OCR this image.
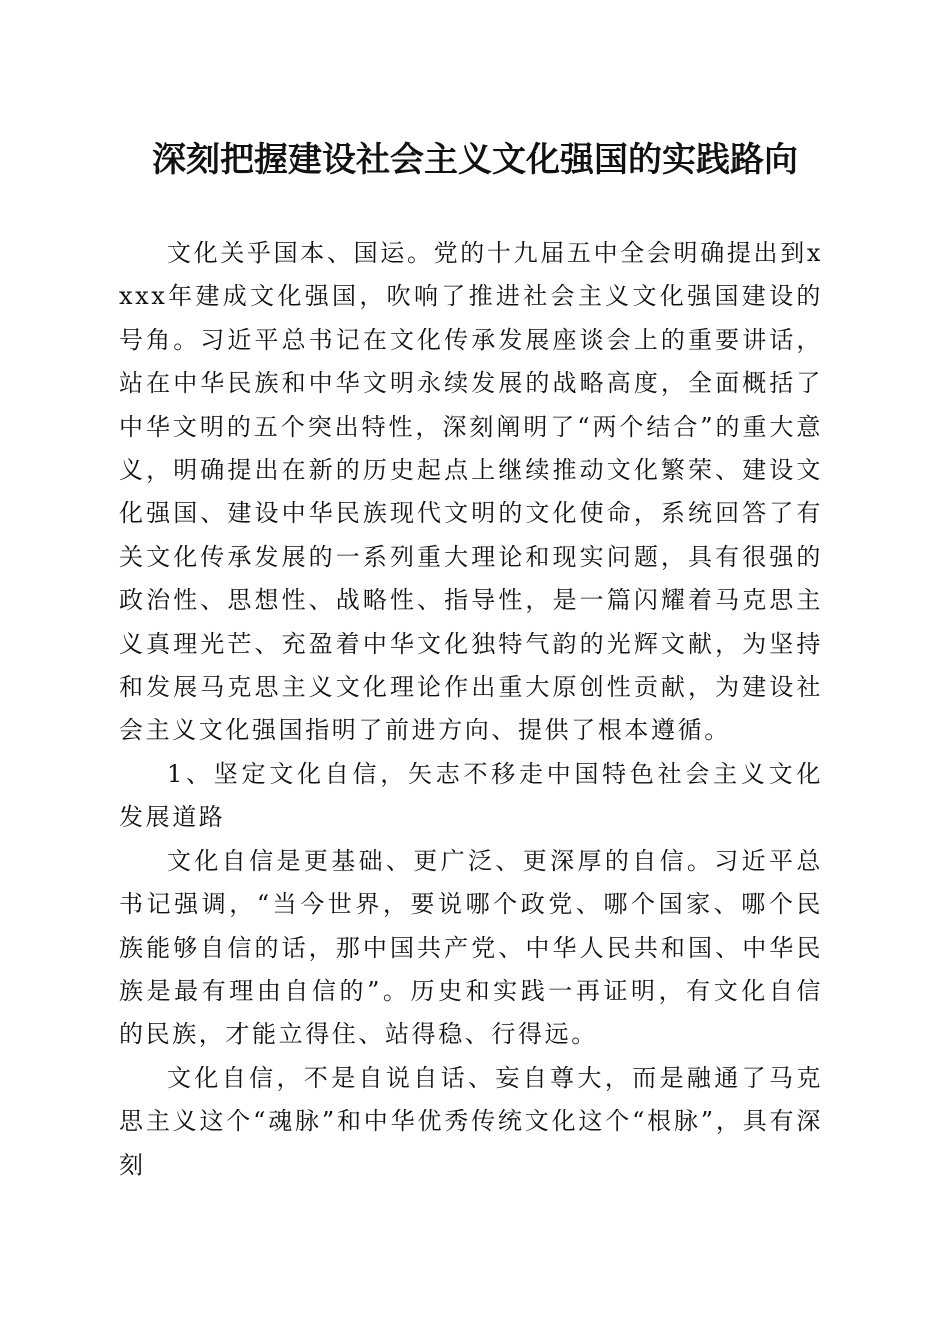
深刻把握建设社会主义文化强国的实践路向

文化关乎国本、国运。党的十九届五中全会明确提出到xxxx年建成文化强国，吹响了推进社会主义文化强国建设的号角。习近平总书记在文化传承发展座谈会上的重要讲话，站在中华民族和中华文明永续发展的战略高度，全面概括了中华文明的五个突出特性，深刻阐明了“两个结合”的重大意义，明确提出在新的历史起点上继续推动文化繁荣、建设文化强国、建设中华民族现代文明的文化使命，系统回答了有关文化传承发展的一系列重大理论和现实问题，具有很强的政治性、思想性、战略性、指导性，是一篇闪耀着马克思主义真理光芒、充盈着中华文化独特气韵的光辉文献，为坚持和发展马克思主义文化理论作出重大原创性贡献，为建设社会主义文化强国指明了前进方向、提供了根本遵循。

1、坚定文化自信，矢志不移走中国特色社会主义文化发展道路

文化自信是更基础、更广泛、更深厚的自信。习近平总书记强调，“当今世界，要说哪个政党、哪个国家、哪个民族能够自信的话，那中国共产党、中华人民共和国、中华民族是最有理由自信的”。历史和实践一再证明，有文化自信的民族，才能立得住、站得稳、行得远。

文化自信，不是自说自话、妄自尊大，而是融通了马克思主义这个“魂脉”和中华优秀传统文化这个“根脉”，具有深刻
